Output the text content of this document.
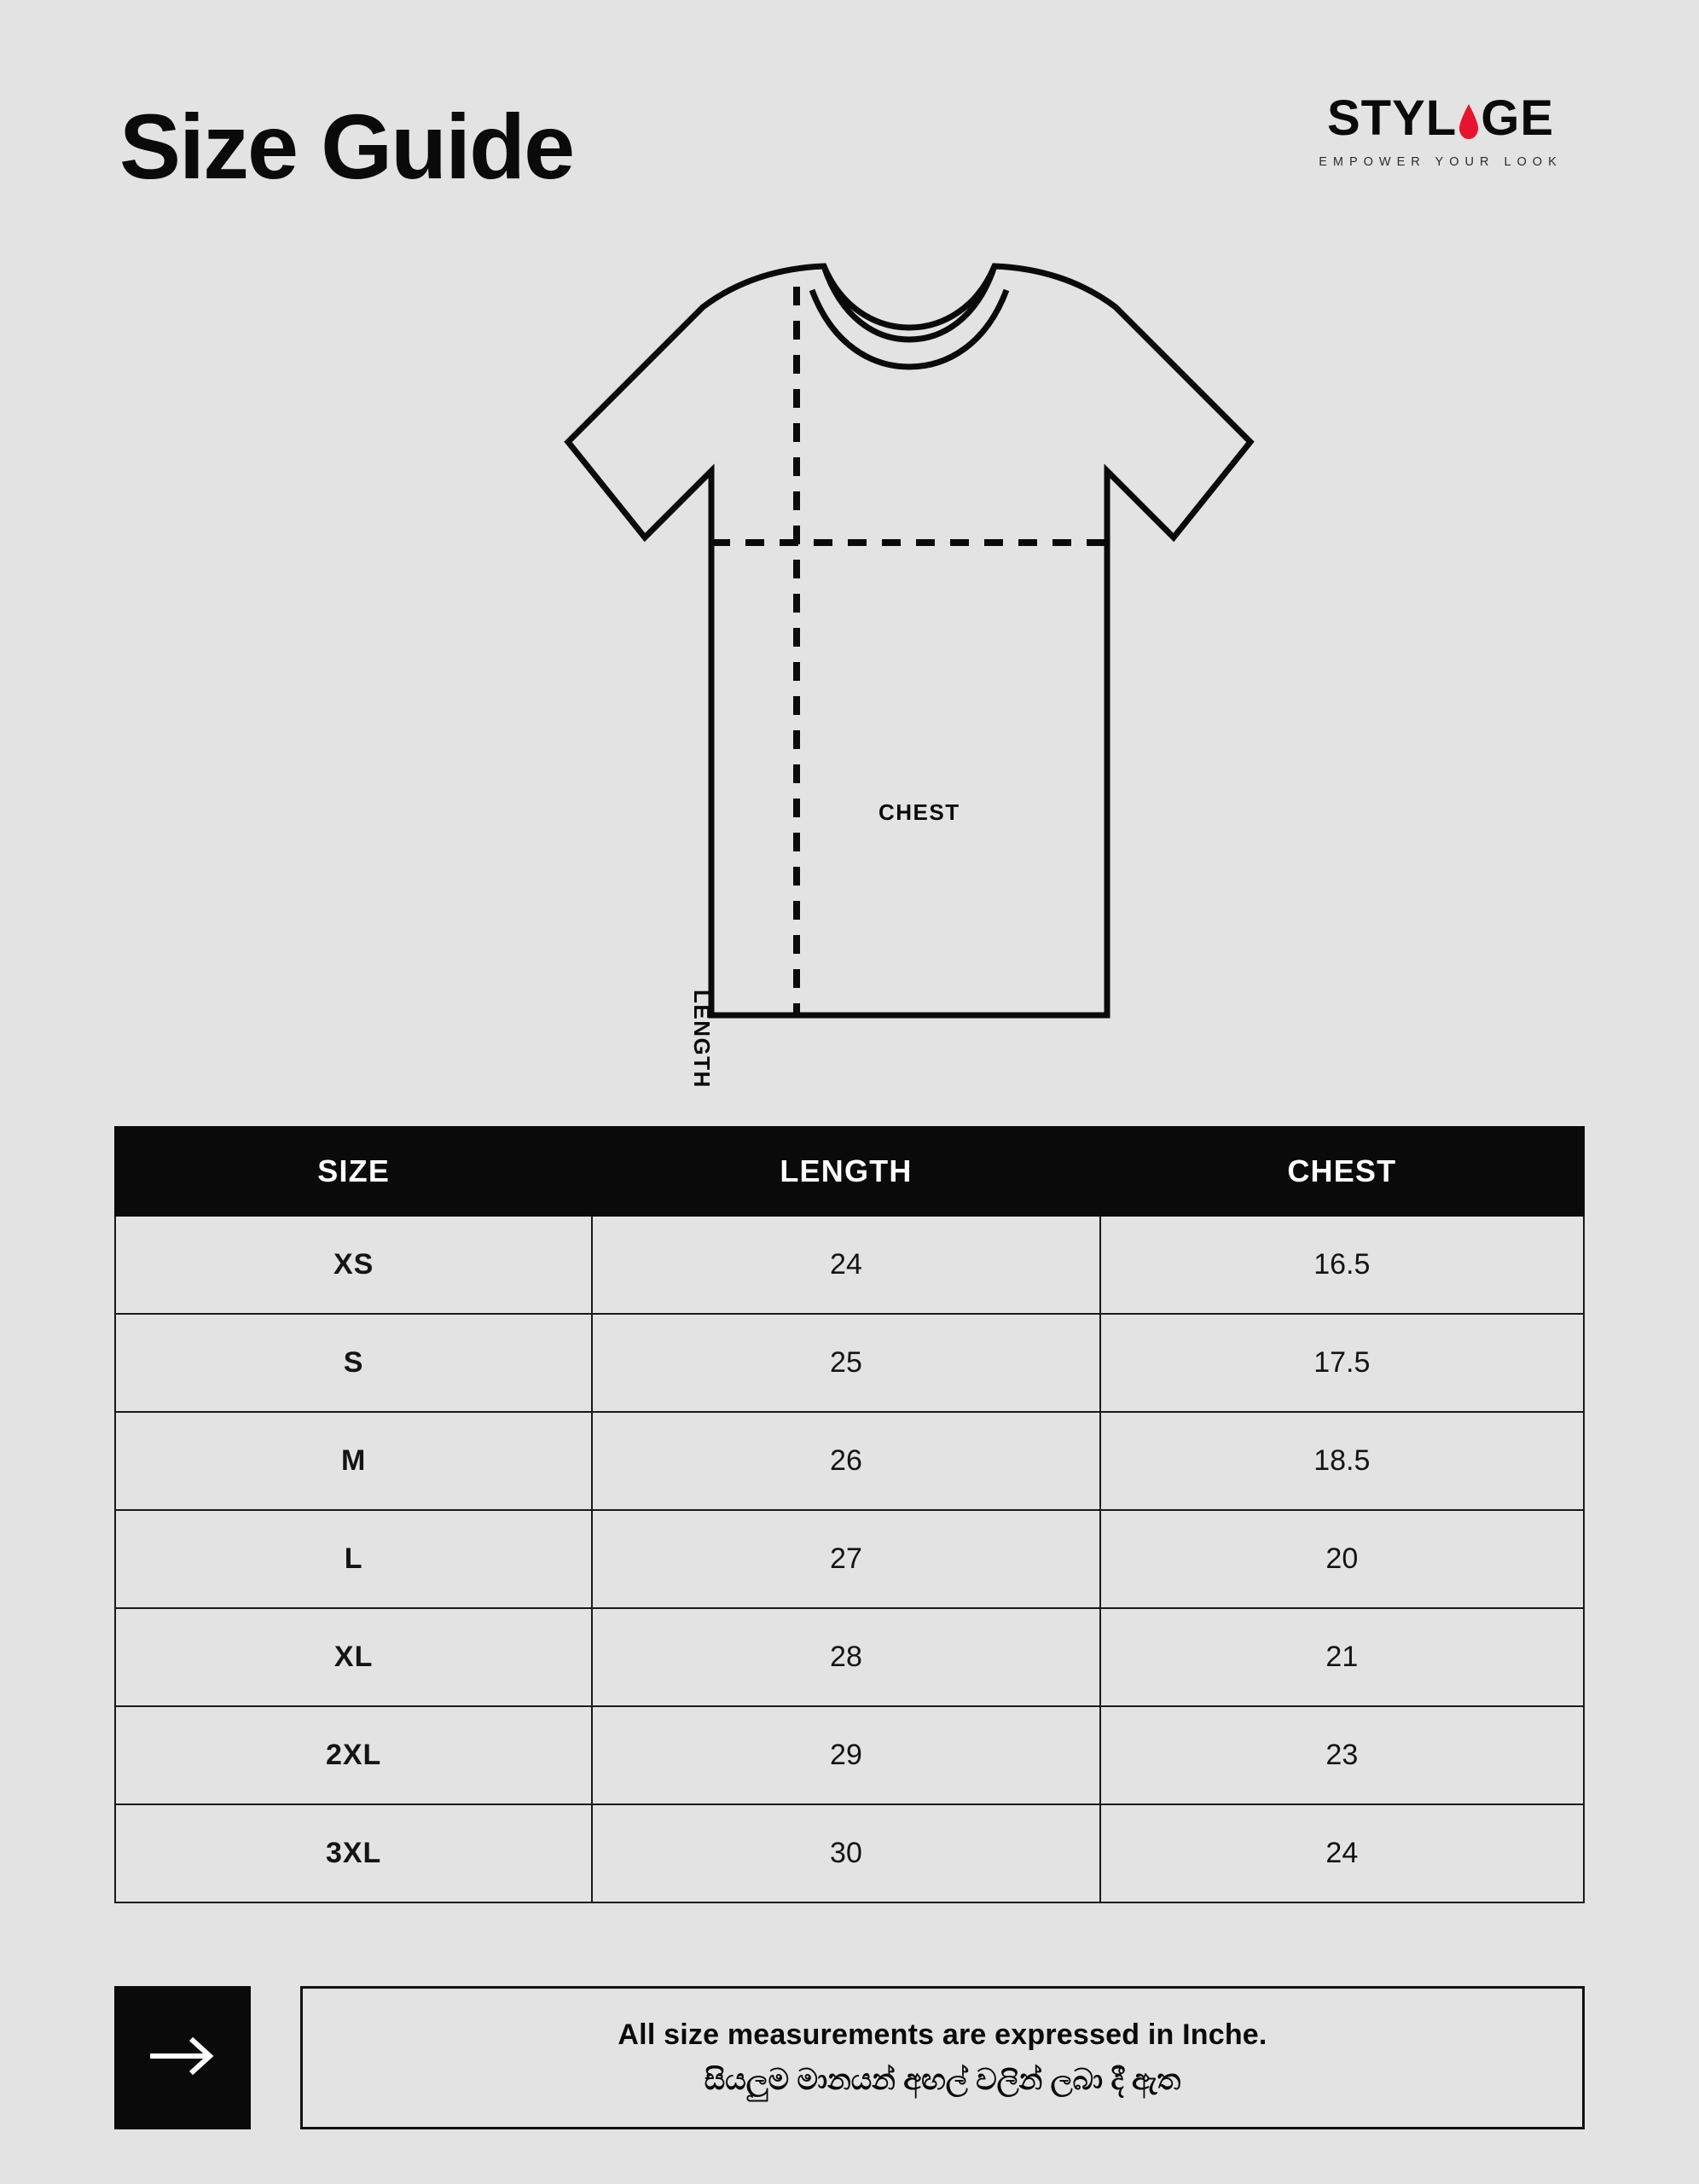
Size Guide	STYL GE
EMPOWER YOUR LOOK
CHEST
LENGTH
SIZE	LENGTH	CHEST
XS	24	16.5
S	25	17.5
M	26	18.5
L	27	20
XL	28	21
2XL	29	23
3XL	30	24
All size measurements are expressed in Inche.
සියලුම මානයන් අඟල් වලින් ලබා දී ඇත
